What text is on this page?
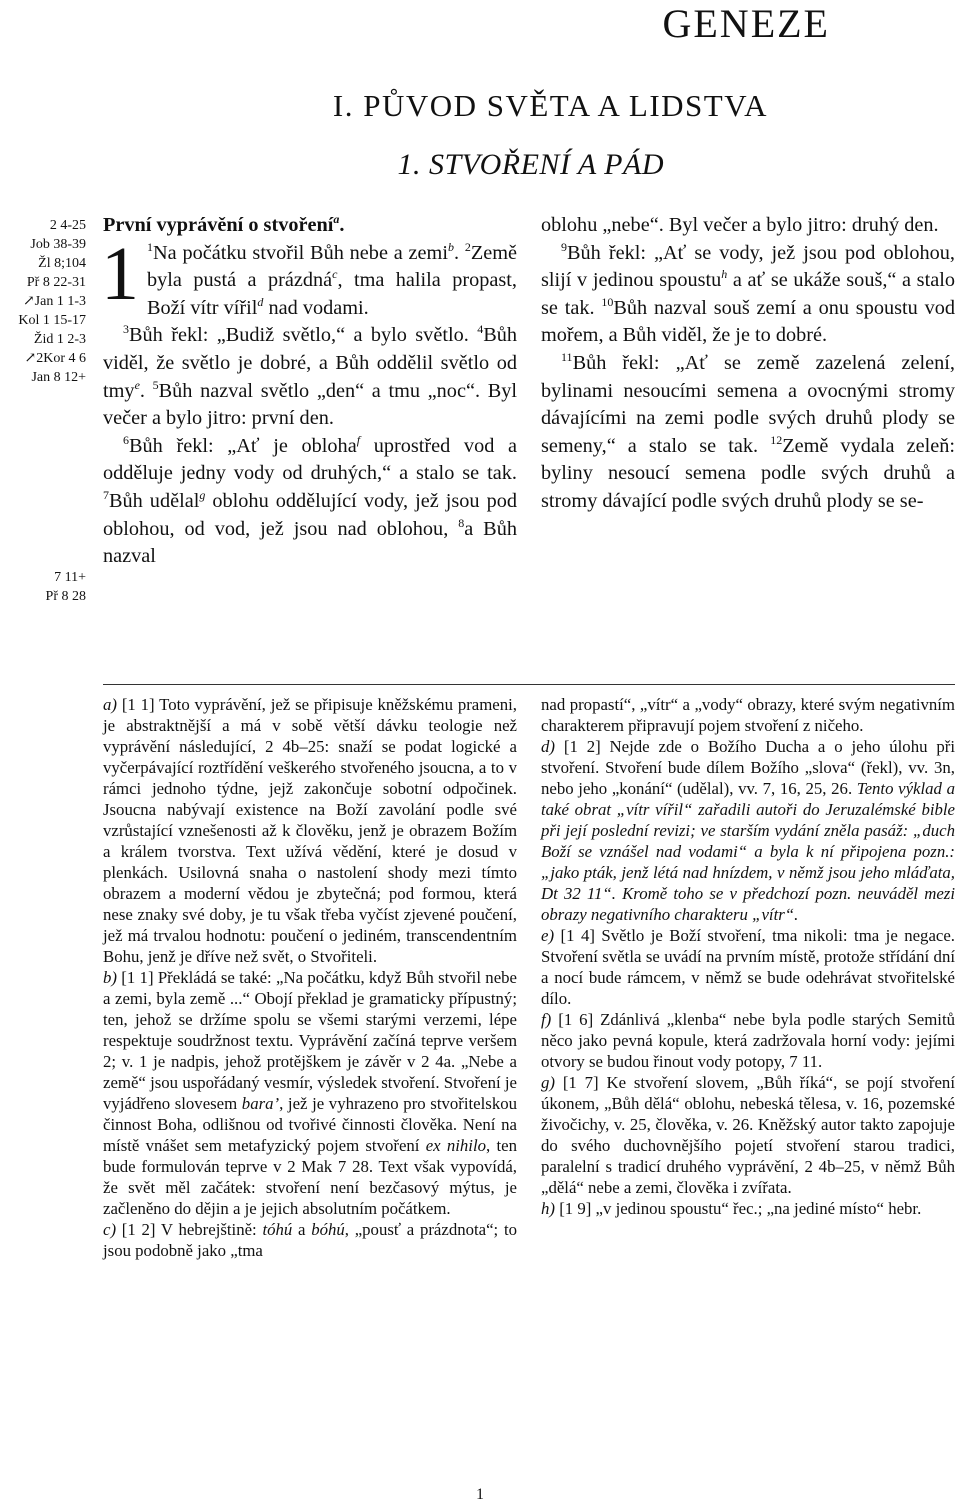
GENEZE
I. PŮVOD SVĚTA A LIDSTVA
1. STVOŘENÍ A PÁD
2 4-25
Job 38-39
Žl 8;104
Př 8 22-31
↗Jan 1 1-3
Kol 1 15-17
Žid 1 2-3
↗2Kor 4 6
Jan 8 12+
7 11+
Př 8 28
První vyprávění o stvoření$^a$.

1 $^1$Na počátku stvořil Bůh nebe a zemi$^b$. $^2$Země byla pustá a prázdná$^c$, tma halila propast, Boží vítr vířil$^d$ nad vodami.

$^3$Bůh řekl: „Budiž světlo,“ a bylo světlo. $^4$Bůh viděl, že světlo je dobré, a Bůh oddělil světlo od tmy$^e$. $^5$Bůh nazval světlo „den“ a tmu „noc“. Byl večer a bylo jitro: první den.

$^6$Bůh řekl: „Ať je obloha$^f$ uprostřed vod a odděluje jedny vody od druhých,“ a stalo se tak. $^7$Bůh udělal$^g$ oblohu oddělující vody, jež jsou pod oblohou, od vod, jež jsou nad oblohou, $^8$a Bůh nazval

oblohu „nebe“. Byl večer a bylo jitro: druhý den.

$^9$Bůh řekl: „Ať se vody, jež jsou pod oblohou, slijí v jedinou spoustu$^h$ a ať se ukáže souš,“ a stalo se tak. $^{10}$Bůh nazval souš zemí a onu spoustu vod mořem, a Bůh viděl, že je to dobré.

$^{11}$Bůh řekl: „Ať se země zazelená zelení, bylinami nesoucími semena a ovocnými stromy dávajícími na zemi podle svých druhů plody se semeny,“ a stalo se tak. $^{12}$Země vydala zeleň: byliny nesoucí semena podle svých druhů a stromy dávající podle svých druhů plody se se-

a) [1 1] Toto vyprávění, jež se připisuje kněžskému prameni, je abstraktnější a má v sobě větší dávku teologie než vyprávění následující, 2 4b–25: snaží se podat logické a vyčerpávající roztřídění veškerého stvořeného jsoucna, a to v rámci jednoho týdne, jejž zakončuje sobotní odpočinek. Jsoucna nabývají existence na Boží zavolání podle své vzrůstající vznešenosti až k člověku, jenž je obrazem Božím a králem tvorstva. Text užívá vědění, které je dosud v plenkách. Usilovná snaha o nastolení shody mezi tímto obrazem a moderní vědou je zbytečná; pod formou, která nese znaky své doby, je tu však třeba vyčíst zjevené poučení, jež má trvalou hodnotu: poučení o jediném, transcendentním Bohu, jenž je dříve než svět, o Stvořiteli.

b) [1 1] Překládá se také: „Na počátku, když Bůh stvořil nebe a zemi, byla země ...“ Obojí překlad je gramaticky přípustný; ten, jehož se držíme spolu se všemi starými verzemi, lépe respektuje soudržnost textu. Vyprávění začíná teprve veršem 2; v. 1 je nadpis, jehož protějškem je závěr v 2 4a. „Nebe a země“ jsou uspořádaný vesmír, výsledek stvoření. Stvoření je vyjádřeno slovesem bara’, jež je vyhrazeno pro stvořitelskou činnost Boha, odlišnou od tvořivé činnosti člověka. Není na místě vnášet sem metafyzický pojem stvoření ex nihilo, ten bude formulován teprve v 2 Mak 7 28. Text však vypovídá, že svět měl začátek: stvoření není bezčasový mýtus, je začleněno do dějin a je jejich absolutním počátkem.

c) [1 2] V hebrejštině: tóhú a bóhú, „pousť a prázdnota“; to jsou podobně jako „tma

nad propastí“, „vítr“ a „vody“ obrazy, které svým negativním charakterem připravují pojem stvoření z ničeho.

d) [1 2] Nejde zde o Božího Ducha a o jeho úlohu při stvoření. Stvoření bude dílem Božího „slova“ (řekl), vv. 3n, nebo jeho „konání“ (udělal), vv. 7, 16, 25, 26. Tento výklad a také obrat „vítr vířil“ zařadili autoři do Jeruzalémské bible při její poslední revizi; ve starším vydání zněla pasáž: „duch Boží se vznášel nad vodami“ a byla k ní připojena pozn.: „jako pták, jenž létá nad hnízdem, v němž jsou jeho mláďata, Dt 32 11“. Kromě toho se v předchozí pozn. neuváděl mezi obrazy negativního charakteru „vítr“.

e) [1 4] Světlo je Boží stvoření, tma nikoli: tma je negace. Stvoření světla se uvádí na prvním místě, protože střídání dní a nocí bude rámcem, v němž se bude odehrávat stvořitelské dílo.

f) [1 6] Zdánlivá „klenba“ nebe byla podle starých Semitů něco jako pevná kopule, která zadržovala horní vody: jejími otvory se budou řinout vody potopy, 7 11.

g) [1 7] Ke stvoření slovem, „Bůh říká“, se pojí stvoření úkonem, „Bůh dělá“ oblohu, nebeská tělesa, v. 16, pozemské živočichy, v. 25, člověka, v. 26. Kněžský autor takto zapojuje do svého duchovnějšího pojetí stvoření starou tradici, paralelní s tradicí druhého vyprávění, 2 4b–25, v němž Bůh „dělá“ nebe a zemi, člověka i zvířata.

h) [1 9] „v jedinou spoustu“ řec.; „na jediné místo“ hebr.

1
